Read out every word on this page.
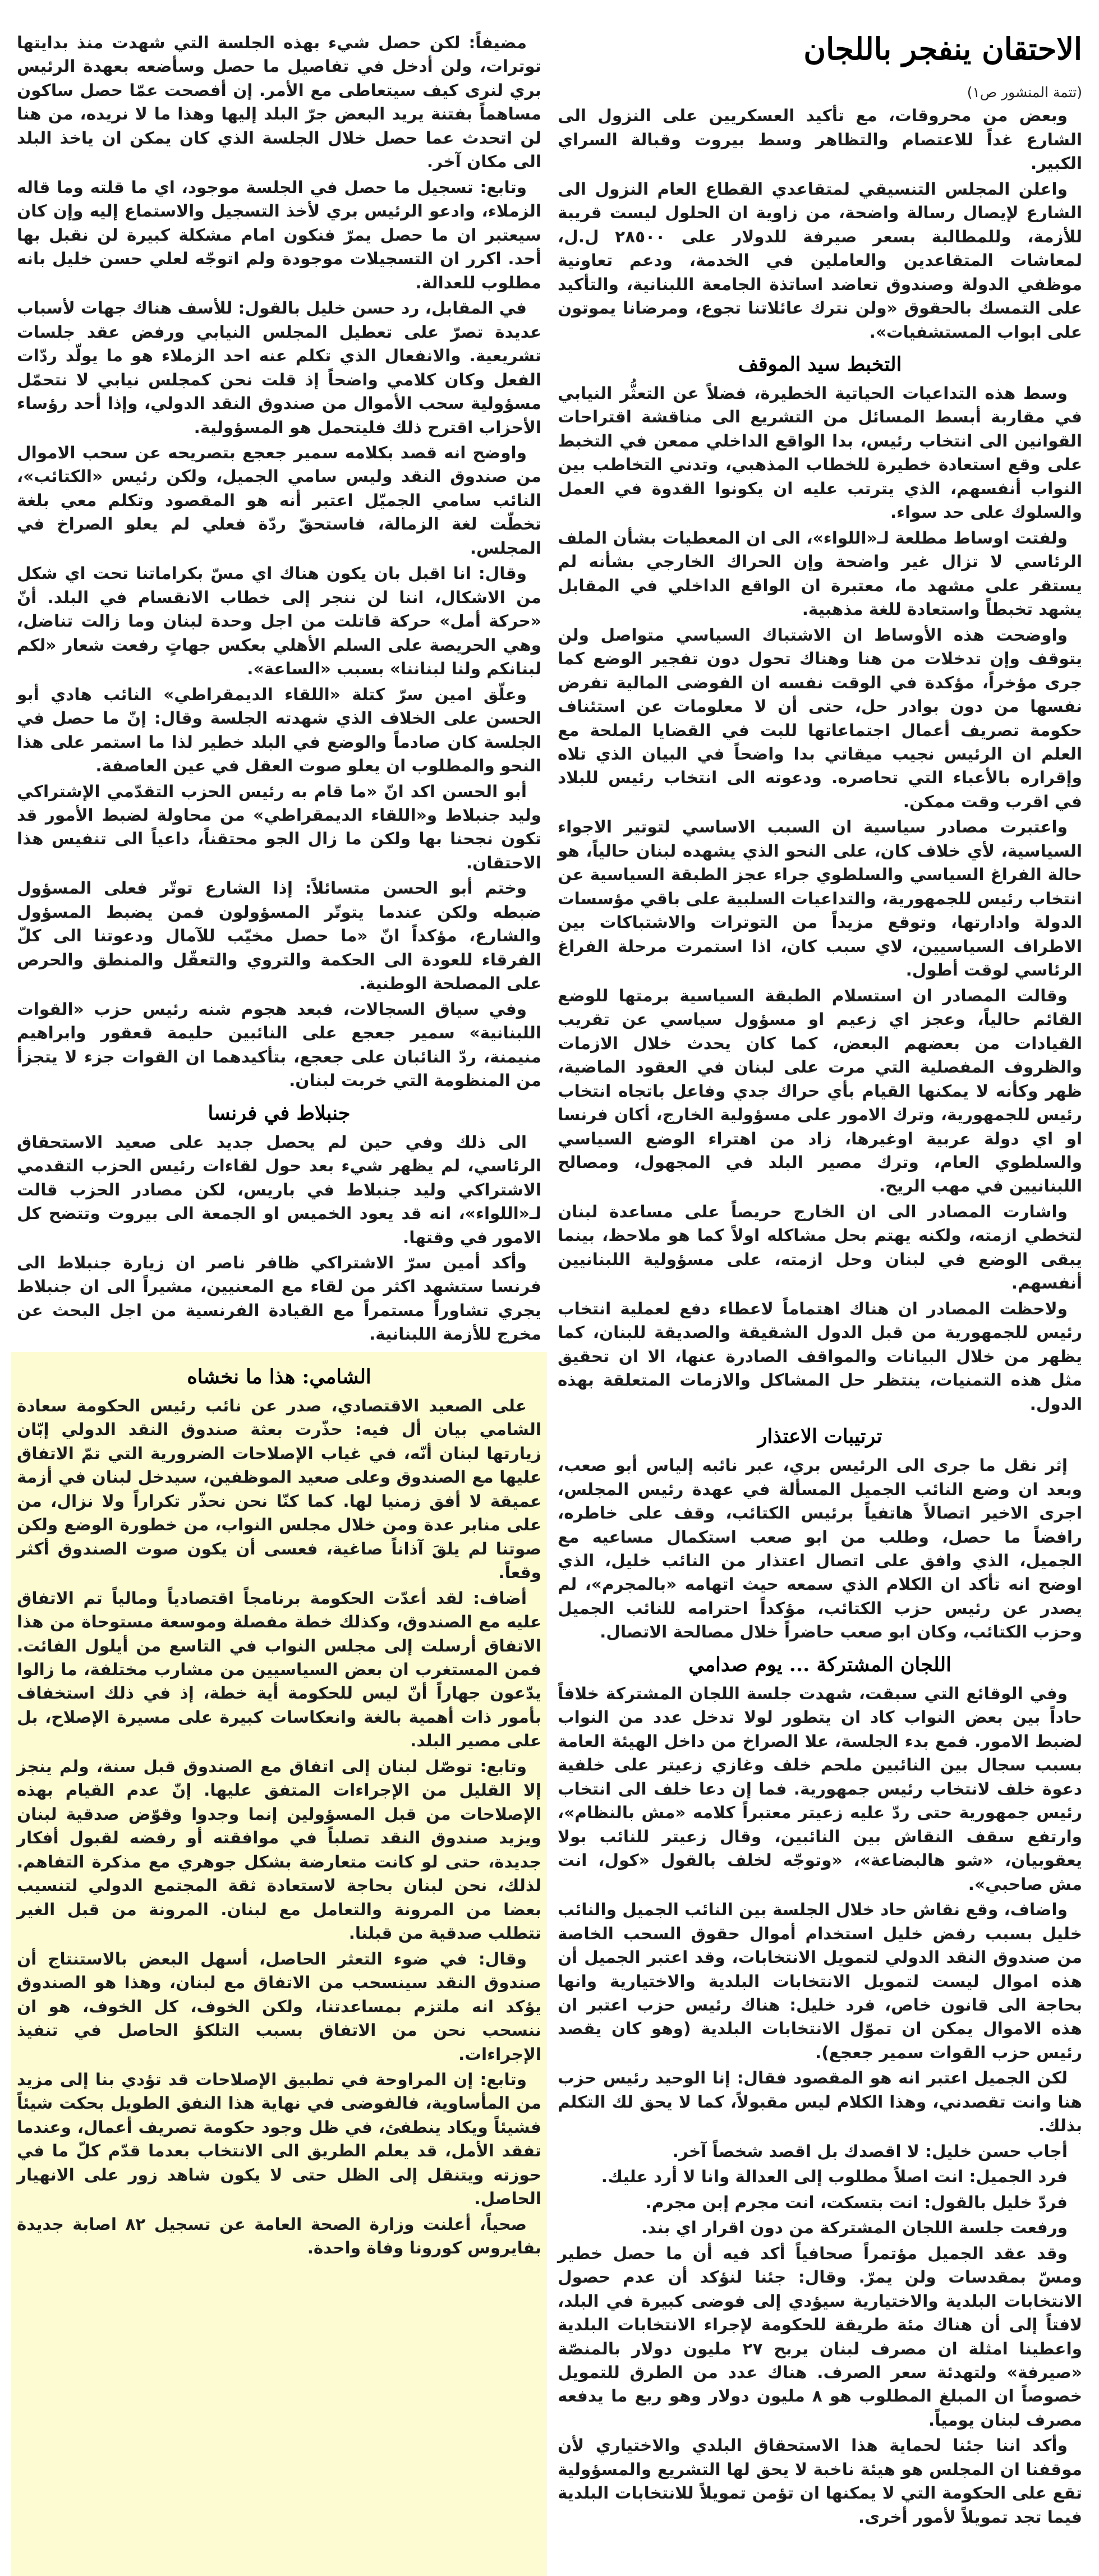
الاحتقان ينفجر باللجان

(تتمة المنشور ص١)

وبعض من محروقات، مع تأكيد العسكريين على النزول الى الشارع غداً للاعتصام والتظاهر وسط بيروت وقبالة السراي الكبير.

واعلن المجلس التنسيقي لمتقاعدي القطاع العام النزول الى الشارع لإيصال رسالة واضحة، من زاوية ان الحلول ليست قريبة للأزمة، وللمطالبة بسعر صيرفة للدولار على ٢٨٥٠٠ ل.ل، لمعاشات المتقاعدين والعاملين في الخدمة، ودعم تعاونية موظفي الدولة وصندوق تعاضد اساتذة الجامعة اللبنانية، والتأكيد على التمسك بالحقوق «ولن نترك عائلاتنا تجوع، ومرضانا يموتون على ابواب المستشفيات».

التخبط سيد الموقف

وسط هذه التداعيات الحياتية الخطيرة، فضلاً عن التعثُّر النيابي في مقاربة أبسط المسائل من التشريع الى مناقشة اقتراحات القوانين الى انتخاب رئيس، بدا الواقع الداخلي ممعن في التخبط على وقع استعادة خطيرة للخطاب المذهبي، وتدني التخاطب بين النواب أنفسهم، الذي يترتب عليه ان يكونوا القدوة في العمل والسلوك على حد سواء.

ولفتت اوساط مطلعة لـ«اللواء»، الى ان المعطيات بشأن الملف الرئاسي لا تزال غير واضحة وإن الحراك الخارجي بشأنه لم يستقر على مشهد ما، معتبرة ان الواقع الداخلي في المقابل يشهد تخبطاً واستعادة للغة مذهبية.

واوضحت هذه الأوساط ان الاشتباك السياسي متواصل ولن يتوقف وإن تدخلات من هنا وهناك تحول دون تفجير الوضع كما جرى مؤخراً، مؤكدة في الوقت نفسه ان الفوضى المالية تفرض نفسها من دون بوادر حل، حتى أن لا معلومات عن استئناف حكومة تصريف أعمال اجتماعاتها للبت في القضايا الملحة مع العلم ان الرئيس نجيب ميقاتي بدا واضحاً في البيان الذي تلاه وإقراره بالأعباء التي تحاصره. ودعوته الى انتخاب رئيس للبلاد في اقرب وقت ممكن.

واعتبرت مصادر سياسية ان السبب الاساسي لتوتير الاجواء السياسية، لأي خلاف كان، على النحو الذي يشهده لبنان حالياً، هو حالة الفراغ السياسي والسلطوي جراء عجز الطبقة السياسية عن انتخاب رئيس للجمهورية، والتداعيات السلبية على باقي مؤسسات الدولة وادارتها، وتوقع مزيداً من التوترات والاشتباكات بين الاطراف السياسيين، لاي سبب كان، اذا استمرت مرحلة الفراغ الرئاسي لوقت أطول.

وقالت المصادر ان استسلام الطبقة السياسية برمتها للوضع القائم حالياً، وعجز اي زعيم او مسؤول سياسي عن تقريب القيادات من بعضهم البعض، كما كان يحدث خلال الازمات والظروف المفصلية التي مرت على لبنان في العقود الماضية، ظهر وكأنه لا يمكنها القيام بأي حراك جدي وفاعل باتجاه انتخاب رئيس للجمهورية، وترك الامور على مسؤولية الخارج، أكان فرنسا او اي دولة عربية اوغيرها، زاد من اهتراء الوضع السياسي والسلطوي العام، وترك مصير البلد في المجهول، ومصالح اللبنانيين في مهب الريح.

واشارت المصادر الى ان الخارج حريصاً على مساعدة لبنان لتخطي ازمته، ولكنه يهتم بحل مشاكله اولاً كما هو ملاحظ، بينما يبقى الوضع في لبنان وحل ازمته، على مسؤولية اللبنانيين أنفسهم.

ولاحظت المصادر ان هناك اهتماماً لاعطاء دفع لعملية انتخاب رئيس للجمهورية من قبل الدول الشقيقة والصديقة للبنان، كما يظهر من خلال البيانات والمواقف الصادرة عنها، الا ان تحقيق مثل هذه التمنيات، ينتظر حل المشاكل والازمات المتعلقة بهذه الدول.

ترتيبات الاعتذار

إثر نقل ما جرى الى الرئيس بري، عبر نائبه إلياس أبو صعب، وبعد ان وضع النائب الجميل المسألة في عهدة رئيس المجلس، اجرى الاخير اتصالاً هاتفياً برئيس الكتائب، وقف على خاطره، رافضاً ما حصل، وطلب من ابو صعب استكمال مساعيه مع الجميل، الذي وافق على اتصال اعتذار من النائب خليل، الذي اوضح انه تأكد ان الكلام الذي سمعه حيث اتهامه «بالمجرم»، لم يصدر عن رئيس حزب الكتائب، مؤكداً احترامه للنائب الجميل وحزب الكتائب، وكان ابو صعب حاضراً خلال مصالحة الاتصال.

اللجان المشتركة ... يوم صدامي

وفي الوقائع التي سبقت، شهدت جلسة اللجان المشتركة خلافاً حاداً بين بعض النواب كاد ان يتطور لولا تدخل عدد من النواب لضبط الامور. فمع بدء الجلسة، علا الصراخ من داخل الهيئة العامة بسبب سجال بين النائبين ملحم خلف وغازي زعيتر على خلفية دعوة خلف لانتخاب رئيس جمهورية. فما إن دعا خلف الى انتخاب رئيس جمهورية حتى ردّ عليه زعيتر معتبراً كلامه «مش بالنظام»، وارتفع سقف النقاش بين النائبين، وقال زعيتر للنائب بولا يعقوبيان، «شو هالبضاعة»، «وتوجّه لخلف بالقول «كول، انت مش صاحبي».

واضاف، وقع نقاش حاد خلال الجلسة بين النائب الجميل والنائب خليل بسبب رفض خليل استخدام أموال حقوق السحب الخاصة من صندوق النقد الدولي لتمويل الانتخابات، وقد اعتبر الجميل أن هذه اموال ليست لتمويل الانتخابات البلدية والاختيارية وانها بحاجة الى قانون خاص، فرد خليل: هناك رئيس حزب اعتبر ان هذه الاموال يمكن ان تموّل الانتخابات البلدية (وهو كان يقصد رئيس حزب القوات سمير جعجع).

لكن الجميل اعتبر انه هو المقصود فقال: إنا الوحيد رئيس حزب هنا وانت تقصدني، وهذا الكلام ليس مقبولاً، كما لا يحق لك التكلم بذلك.

أجاب حسن خليل: لا اقصدك بل اقصد شخصاً آخر.

فرد الجميل: انت اصلاً مطلوب إلى العدالة وانا لا أرد عليك.

فردّ خليل بالقول: انت بتسكت، انت مجرم إبن مجرم.

ورفعت جلسة اللجان المشتركة من دون اقرار اي بند.

وقد عقد الجميل مؤتمراً صحافياً أكد فيه أن ما حصل خطير ومسّ بمقدسات ولن يمرّ. وقال: جئنا لنؤكد أن عدم حصول الانتخابات البلدية والاختيارية سيؤدي إلى فوضى كبيرة في البلد، لافتاً إلى أن هناك مئة طريقة للحكومة لإجراء الانتخابات البلدية واعطينا امثلة ان مصرف لبنان يربح ٢٧ مليون دولار بالمنصّة «صيرفة» ولتهدئة سعر الصرف. هناك عدد من الطرق للتمويل خصوصاً ان المبلغ المطلوب هو ٨ مليون دولار وهو ربع ما يدفعه مصرف لبنان يومياً.

وأكد اننا جئنا لحماية هذا الاستحقاق البلدي والاختياري لأن موقفنا ان المجلس هو هيئة ناخبة لا يحق لها التشريع والمسؤولية تقع على الحكومة التي لا يمكنها ان تؤمن تمويلاً للانتخابات البلدية فيما تجد تمويلاً لأمور أخرى.

مضيفاً: لكن حصل شيء بهذه الجلسة التي شهدت منذ بدايتها توترات، ولن أدخل في تفاصيل ما حصل وسأضعه بعهدة الرئيس بري لنرى كيف سيتعاطى مع الأمر. إن أفصحت عمّا حصل ساكون مساهماً بفتنة يريد البعض جرّ البلد إليها وهذا ما لا نريده، من هنا لن اتحدث عما حصل خلال الجلسة الذي كان يمكن ان ياخذ البلد الى مكان آخر.

وتابع: تسجيل ما حصل في الجلسة موجود، اي ما قلته وما قاله الزملاء، وادعو الرئيس بري لأخذ التسجيل والاستماع إليه وإن كان سيعتبر ان ما حصل يمرّ فنكون امام مشكلة كبيرة لن نقبل بها أحد. اكرر ان التسجيلات موجودة ولم اتوجّه لعلي حسن خليل بانه مطلوب للعدالة.

في المقابل، رد حسن خليل بالقول: للأسف هناك جهات لأسباب عديدة تصرّ على تعطيل المجلس النيابي ورفض عقد جلسات تشريعية. والانفعال الذي تكلم عنه احد الزملاء هو ما يولّد ردّات الفعل وكان كلامي واضحاً إذ قلت نحن كمجلس نيابي لا نتحمّل مسؤولية سحب الأموال من صندوق النقد الدولي، وإذا أحد رؤساء الأحزاب اقترح ذلك فليتحمل هو المسؤولية.

واوضح انه قصد بكلامه سمير جعجع بتصريحه عن سحب الاموال من صندوق النقد وليس سامي الجميل، ولكن رئيس «الكتائب»، النائب سامي الجميّل اعتبر أنه هو المقصود وتكلم معي بلغة تخطّت لغة الزمالة، فاستحقّ ردّة فعلي لم يعلو الصراخ في المجلس.

وقال: انا اقبل بان يكون هناك اي مسّ بكراماتنا تحت اي شكل من الاشكال، اننا لن ننجر إلى خطاب الانقسام في البلد. أنّ «حركة أمل» حركة قاتلت من اجل وحدة لبنان وما زالت تناضل، وهي الحريصة على السلم الأهلي بعكس جهاتٍ رفعت شعار «لكم لبنانكم ولنا لبناننا» بسبب «الساعة».

وعلّق امين سرّ كتلة «اللقاء الديمقراطي» النائب هادي أبو الحسن على الخلاف الذي شهدته الجلسة وقال: إنّ ما حصل في الجلسة كان صادماً والوضع في البلد خطير لذا ما استمر على هذا النحو والمطلوب ان يعلو صوت العقل في عين العاصفة.

أبو الحسن اكد انّ «ما قام به رئيس الحزب التقدّمي الإشتراكي وليد جنبلاط و«اللقاء الديمقراطي» من محاولة لضبط الأمور قد تكون نجحنا بها ولكن ما زال الجو محتقناً، داعياً الى تنفيس هذا الاحتقان.

وختم أبو الحسن متسائلاً: إذا الشارع توتّر فعلى المسؤول ضبطه ولكن عندما يتوتّر المسؤولون فمن يضبط المسؤول والشارع، مؤكداً انّ «ما حصل مخيّب للآمال ودعوتنا الى كلّ الفرقاء للعودة الى الحكمة والتروي والتعقّل والمنطق والحرص على المصلحة الوطنية.

وفي سياق السجالات، فبعد هجوم شنه رئيس حزب «القوات اللبنانية» سمير جعجع على النائبين حليمة قعقور وابراهيم منيمنة، ردّ النائبان على جعجع، بتأكيدهما ان القوات جزء لا يتجزأ من المنظومة التي خربت لبنان.

جنبلاط في فرنسا

الى ذلك وفي حين لم يحصل جديد على صعيد الاستحقاق الرئاسي، لم يظهر شيء بعد حول لقاءات رئيس الحزب التقدمي الاشتراكي وليد جنبلاط في باريس، لكن مصادر الحزب قالت لـ«اللواء»، انه قد يعود الخميس او الجمعة الى بيروت وتتضح كل الامور في وقتها.

وأكد أمين سرّ الاشتراكي ظافر ناصر ان زيارة جنبلاط الى فرنسا ستشهد اكثر من لقاء مع المعنيين، مشيراً الى ان جنبلاط يجري تشاوراً مستمراً مع القيادة الفرنسية من اجل البحث عن مخرج للأزمة اللبنانية.

الشامي: هذا ما نخشاه

على الصعيد الاقتصادي، صدر عن نائب رئيس الحكومة سعادة الشامي بيان أل فيه: حذّرت بعثة صندوق النقد الدولي إبّان زيارتها لبنان أنّه، في غياب الإصلاحات الضرورية التي تمّ الاتفاق عليها مع الصندوق وعلى صعيد الموظفين، سيدخل لبنان في أزمة عميقة لا أفق زمنيا لها. كما كنّا نحن نحذّر تكراراً ولا نزال، من على منابر عدة ومن خلال مجلس النواب، من خطورة الوضع ولكن صوتنا لم يلقَ آذاناً صاغية، فعسى أن يكون صوت الصندوق أكثر وقعاً.

أضاف: لقد أعدّت الحكومة برنامجاً اقتصادياً ومالياً تم الاتفاق عليه مع الصندوق، وكذلك خطة مفصلة وموسعة مستوحاة من هذا الاتفاق أرسلت إلى مجلس النواب في التاسع من أيلول الفائت. فمن المستغرب ان بعض السياسيين من مشارب مختلفة، ما زالوا يدّعون جهاراً أنّ ليس للحكومة أية خطة، إذ في ذلك استخفاف بأمور ذات أهمية بالغة وانعكاسات كبيرة على مسيرة الإصلاح، بل على مصير البلد.

وتابع: توصّل لبنان إلى اتفاق مع الصندوق قبل سنة، ولم ينجز إلا القليل من الإجراءات المتفق عليها. إنّ عدم القيام بهذه الإصلاحات من قبل المسؤولين إنما وجدوا وقوّض صدقية لبنان ويزيد صندوق النقد تصلباً في موافقته أو رفضه لقبول أفكار جديدة، حتى لو كانت متعارضة بشكل جوهري مع مذكرة التفاهم. لذلك، نحن لبنان بحاجة لاستعادة ثقة المجتمع الدولي لتنسيب بعضا من المرونة والتعامل مع لبنان. المرونة من قبل الغير تتطلب صدقية من قبلنا.

وقال: في ضوء التعثر الحاصل، أسهل البعض بالاستنتاج أن صندوق النقد سينسحب من الاتفاق مع لبنان، وهذا هو الصندوق يؤكد انه ملتزم بمساعدتنا، ولكن الخوف، كل الخوف، هو ان ننسحب نحن من الاتفاق بسبب التلكؤ الحاصل في تنفيذ الإجراءات.

وتابع: إن المراوحة في تطبيق الإصلاحات قد تؤدي بنا إلى مزيد من المأساوية، فالفوضى في نهاية هذا النفق الطويل بحكت شيئاً فشيئاً ويكاد ينطفئ، في ظل وجود حكومة تصريف أعمال، وعندما تفقد الأمل، قد يعلم الطريق الى الانتخاب بعدما قدّم كلّ ما في حوزته ويتنقل إلى الظل حتى لا يكون شاهد زور على الانهيار الحاصل.

صحياً، أعلنت وزارة الصحة العامة عن تسجيل ٨٢ اصابة جديدة بفايروس كورونا وفاة واحدة.
